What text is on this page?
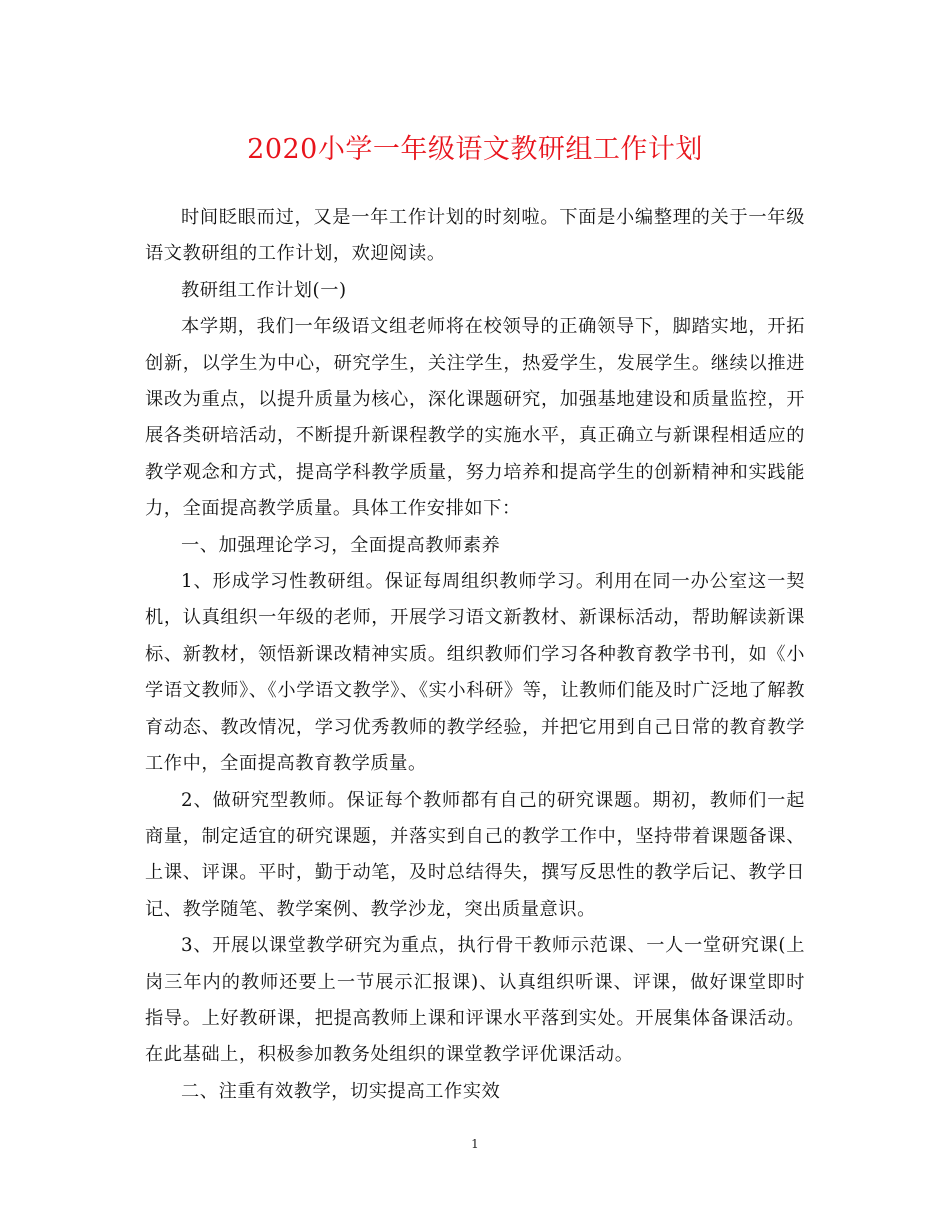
2020小学一年级语文教研组工作计划

时间眨眼而过，又是一年工作计划的时刻啦。下面是小编整理的关于一年级语文教研组的工作计划，欢迎阅读。

教研组工作计划(一)

本学期，我们一年级语文组老师将在校领导的正确领导下，脚踏实地，开拓创新，以学生为中心，研究学生，关注学生，热爱学生，发展学生。继续以推进课改为重点，以提升质量为核心，深化课题研究，加强基地建设和质量监控，开展各类研培活动，不断提升新课程教学的实施水平，真正确立与新课程相适应的教学观念和方式，提高学科教学质量，努力培养和提高学生的创新精神和实践能力，全面提高教学质量。具体工作安排如下：

一、加强理论学习，全面提高教师素养

1、形成学习性教研组。保证每周组织教师学习。利用在同一办公室这一契机，认真组织一年级的老师，开展学习语文新教材、新课标活动，帮助解读新课标、新教材，领悟新课改精神实质。组织教师们学习各种教育教学书刊，如《小学语文教师》、《小学语文教学》、《实小科研》等，让教师们能及时广泛地了解教育动态、教改情况，学习优秀教师的教学经验，并把它用到自己日常的教育教学工作中，全面提高教育教学质量。

2、做研究型教师。保证每个教师都有自己的研究课题。期初，教师们一起商量，制定适宜的研究课题，并落实到自己的教学工作中，坚持带着课题备课、上课、评课。平时，勤于动笔，及时总结得失，撰写反思性的教学后记、教学日记、教学随笔、教学案例、教学沙龙，突出质量意识。

3、开展以课堂教学研究为重点，执行骨干教师示范课、一人一堂研究课(上岗三年内的教师还要上一节展示汇报课)、认真组织听课、评课，做好课堂即时指导。上好教研课，把提高教师上课和评课水平落到实处。开展集体备课活动。在此基础上，积极参加教务处组织的课堂教学评优课活动。

二、注重有效教学，切实提高工作实效

1
